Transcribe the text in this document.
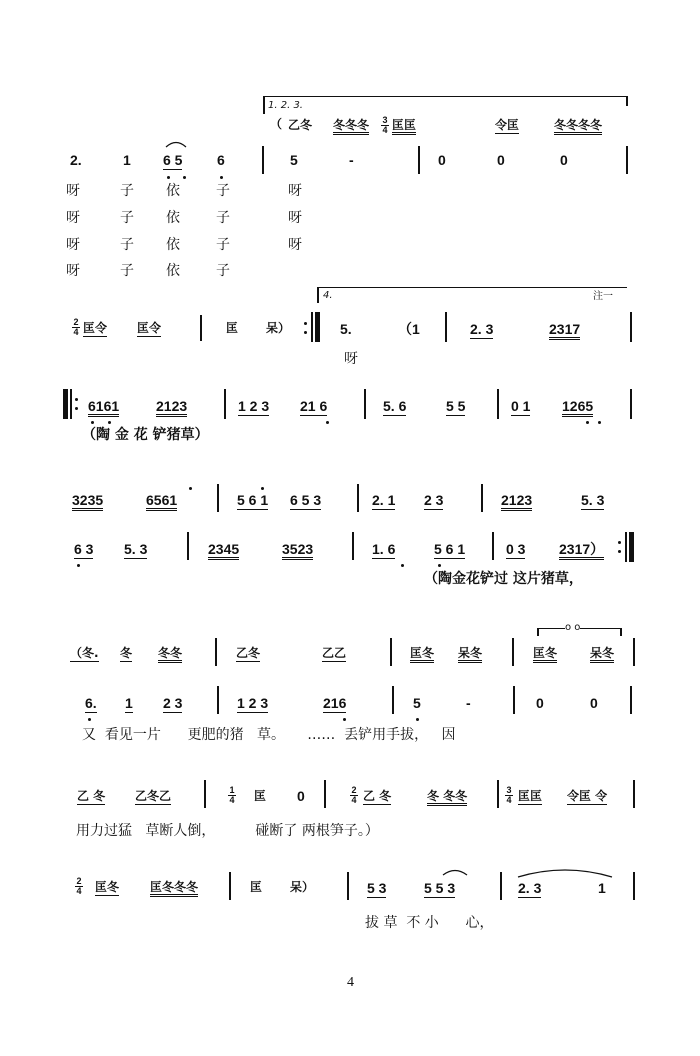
1. 2. 3.
（ 乙冬 冬冬冬 $\frac{3}{4}$ 匡匡	令匡	冬冬冬冬
2.	1 6 5 6	5	-	0	0	0
呀	子 依	子	呀
呀	子 依	子	呀
呀	子 依	子	呀
呀	子 依	子
4.	注一
$\frac{2}{4}$ 匡令 匡令	匡 呆）	5.	（1	2. 3	2317
呀
6161	2123	1 2 3 21 6	5. 6	5 5	0 1 1265
（陶 金 花 铲猪草）
3235	6561	5 6 1 6 5 3	2. 1 2 3	2123	5. 3
6 3 5. 3	2345	3523	1. 6	5 6 1	0 3 2317）
（陶金花铲过 这片猪草，
o o
（冬. 冬 冬冬	乙冬	乙乙	匡冬 呆冬	匡冬	呆冬
6. 1 2 3	1 2 3	216	5	-	0	0
又  看见一片      更肥的猪   草。     ……  丢铲用手拔，   因
乙 冬 乙冬乙	$\frac{1}{4}$ 匡 0	$\frac{2}{4}$ 乙 冬	冬 冬冬	$\frac{3}{4}$ 匡匡 令匡 令
用力过猛   草断人倒，         碰断了 两根笋子。）
$\frac{2}{4}$ 匡冬	匡冬冬冬	匡 呆）	5 3	5 5 3	2. 3	1
拔 草  不 小      心，
4
